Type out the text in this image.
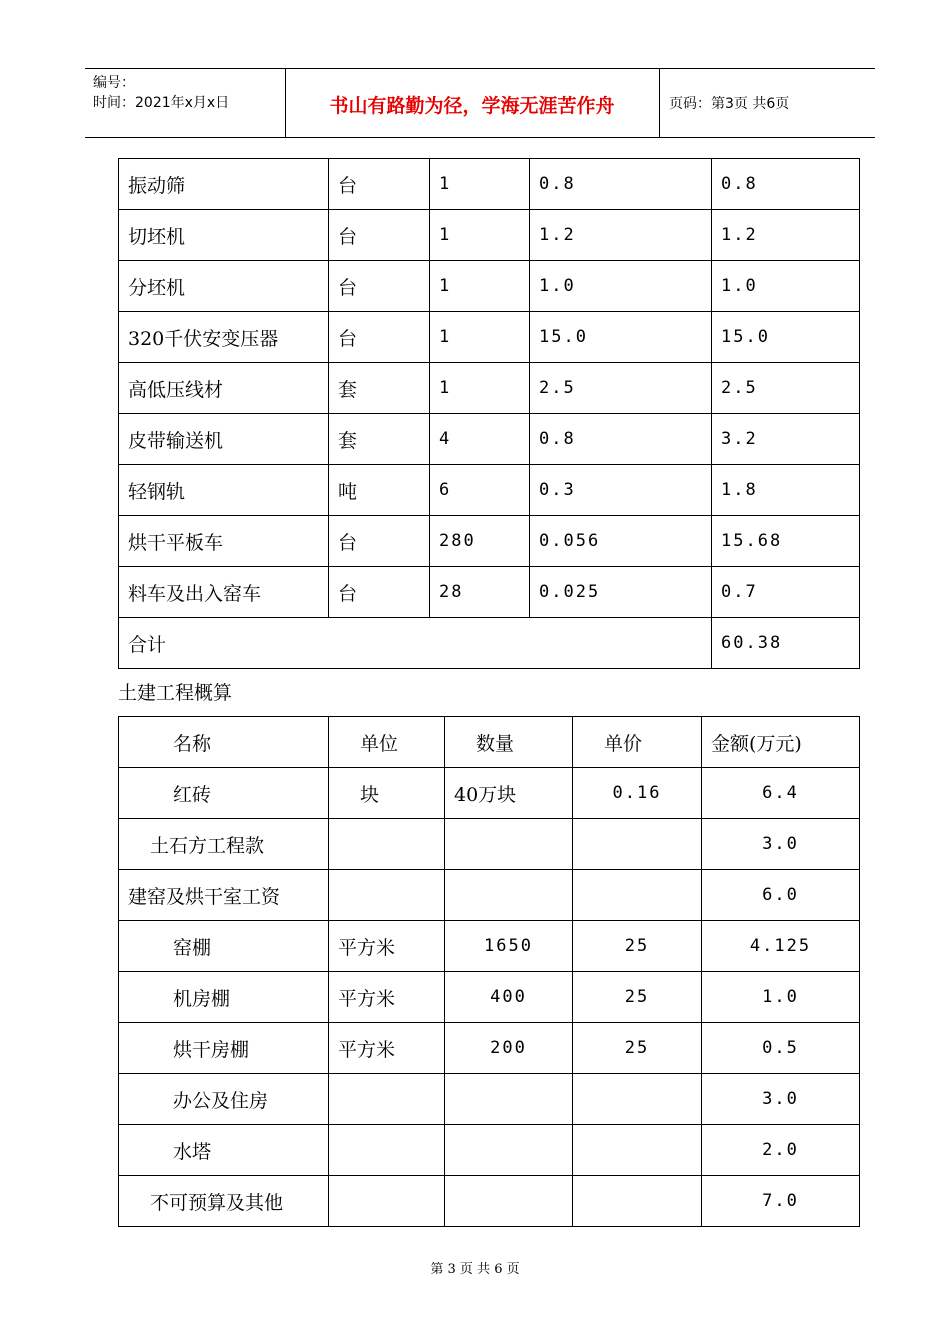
编号：
时间：2021年x月x日	书山有路勤为径，学海无涯苦作舟	页码：第3页 共6页
振动筛	台	1	0.8	0.8
切坯机	台	1	1.2	1.2
分坯机	台	1	1.0	1.0
320千伏安变压器	台	1	15.0	15.0
高低压线材	套	1	2.5	2.5
皮带输送机	套	4	0.8	3.2
轻钢轨	吨	6	0.3	1.8
烘干平板车	台	280	0.056	15.68
料车及出入窑车	台	28	0.025	0.7
合计				60.38
土建工程概算
名称	单位	数量	单价	金额(万元)
红砖	块	40万块	0.16	6.4
土石方工程款				3.0
建窑及烘干室工资				6.0
窑棚	平方米	1650	25	4.125
机房棚	平方米	400	25	1.0
烘干房棚	平方米	200	25	0.5
办公及住房				3.0
水塔				2.0
不可预算及其他				7.0
第 3 页 共 6 页
